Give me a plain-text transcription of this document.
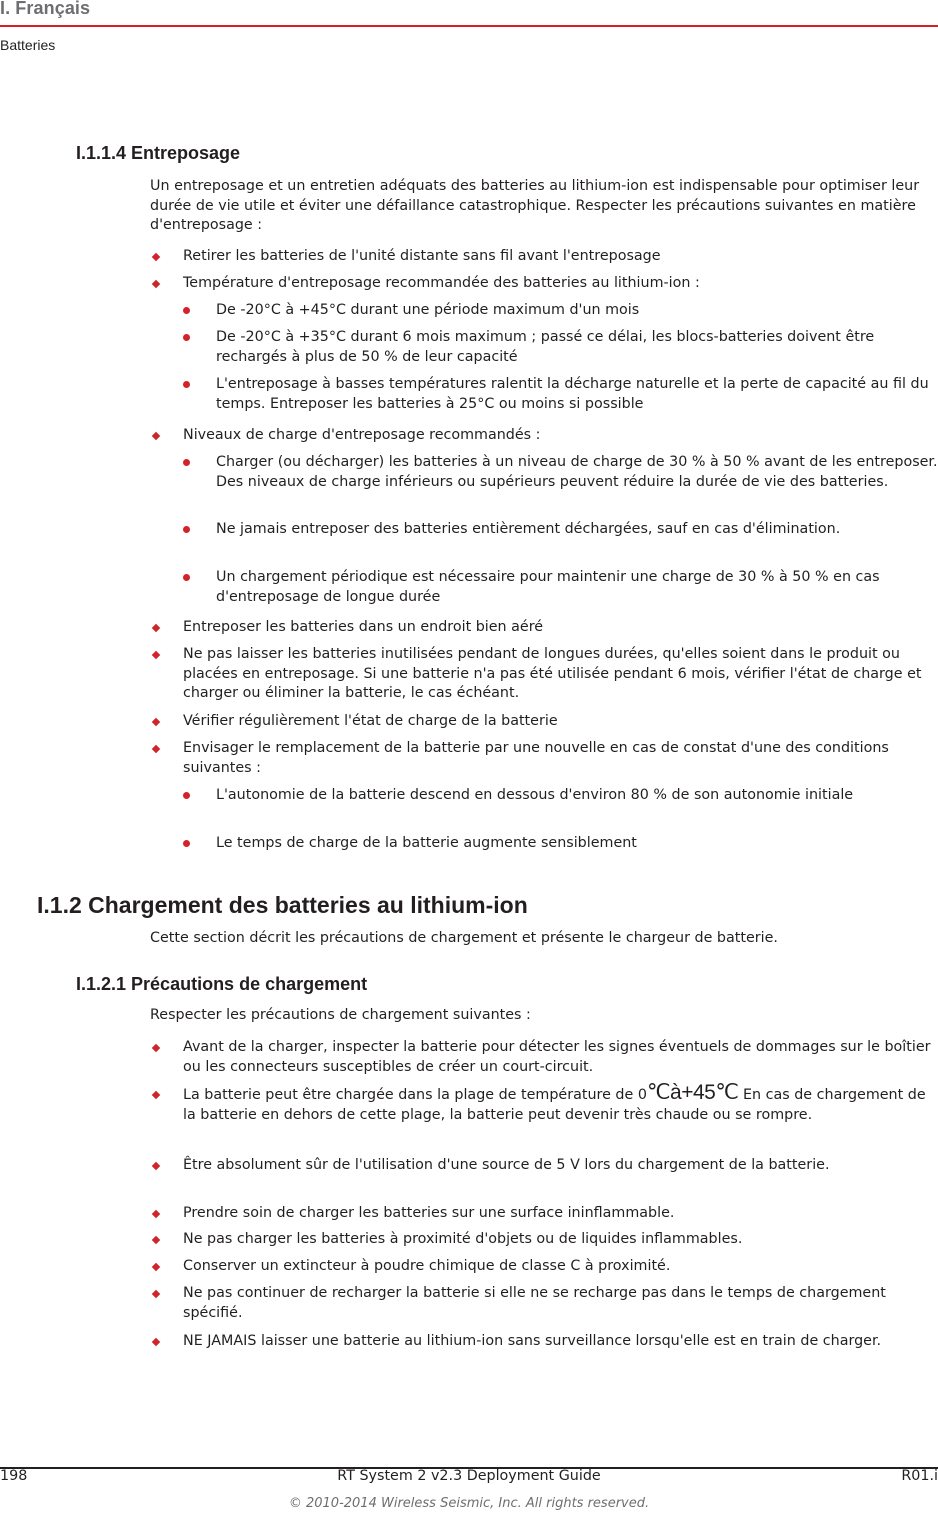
I. Français
Batteries
I.1.1.4 Entreposage
Un entreposage et un entretien adéquats des batteries au lithium-ion est indispensable pour optimiser leur durée de vie utile et éviter une défaillance catastrophique. Respecter les précautions suivantes en matière d'entreposage :
Retirer les batteries de l'unité distante sans fil avant l'entreposage
Température d'entreposage recommandée des batteries au lithium-ion :
De -20°C à +45°C durant une période maximum d'un mois
De -20°C à +35°C durant 6 mois maximum ; passé ce délai, les blocs-batteries doivent être rechargés à plus de 50 % de leur capacité
L'entreposage à basses températures ralentit la décharge naturelle et la perte de capacité au fil du temps. Entreposer les batteries à 25°C ou moins si possible
Niveaux de charge d'entreposage recommandés :
Charger (ou décharger) les batteries à un niveau de charge de 30 % à 50 % avant de les entreposer. Des niveaux de charge inférieurs ou supérieurs peuvent réduire la durée de vie des batteries.
Ne jamais entreposer des batteries entièrement déchargées, sauf en cas d'élimination.
Un chargement périodique est nécessaire pour maintenir une charge de 30 % à 50 % en cas d'entreposage de longue durée
Entreposer les batteries dans un endroit bien aéré
Ne pas laisser les batteries inutilisées pendant de longues durées, qu'elles soient dans le produit ou placées en entreposage. Si une batterie n'a pas été utilisée pendant 6 mois, vérifier l'état de charge et charger ou éliminer la batterie, le cas échéant.
Vérifier régulièrement l'état de charge de la batterie
Envisager le remplacement de la batterie par une nouvelle en cas de constat d'une des conditions suivantes :
L'autonomie de la batterie descend en dessous d'environ 80 % de son autonomie initiale
Le temps de charge de la batterie augmente sensiblement
I.1.2 Chargement des batteries au lithium-ion
Cette section décrit les précautions de chargement et présente le chargeur de batterie.
I.1.2.1 Précautions de chargement
Respecter les précautions de chargement suivantes :
Avant de la charger, inspecter la batterie pour détecter les signes éventuels de dommages sur le boîtier ou les connecteurs susceptibles de créer un court-circuit.
La batterie peut être chargée dans la plage de température de 0℃à+45℃ En cas de chargement de la batterie en dehors de cette plage, la batterie peut devenir très chaude ou se rompre.
Être absolument sûr de l'utilisation d'une source de 5 V lors du chargement de la batterie.
Prendre soin de charger les batteries sur une surface ininflammable.
Ne pas charger les batteries à proximité d'objets ou de liquides inflammables.
Conserver un extincteur à poudre chimique de classe C à proximité.
Ne pas continuer de recharger la batterie si elle ne se recharge pas dans le temps de chargement spécifié.
NE JAMAIS laisser une batterie au lithium-ion sans surveillance lorsqu'elle est en train de charger.
198	RT System 2 v2.3 Deployment Guide	R01.i
© 2010-2014 Wireless Seismic, Inc. All rights reserved.
